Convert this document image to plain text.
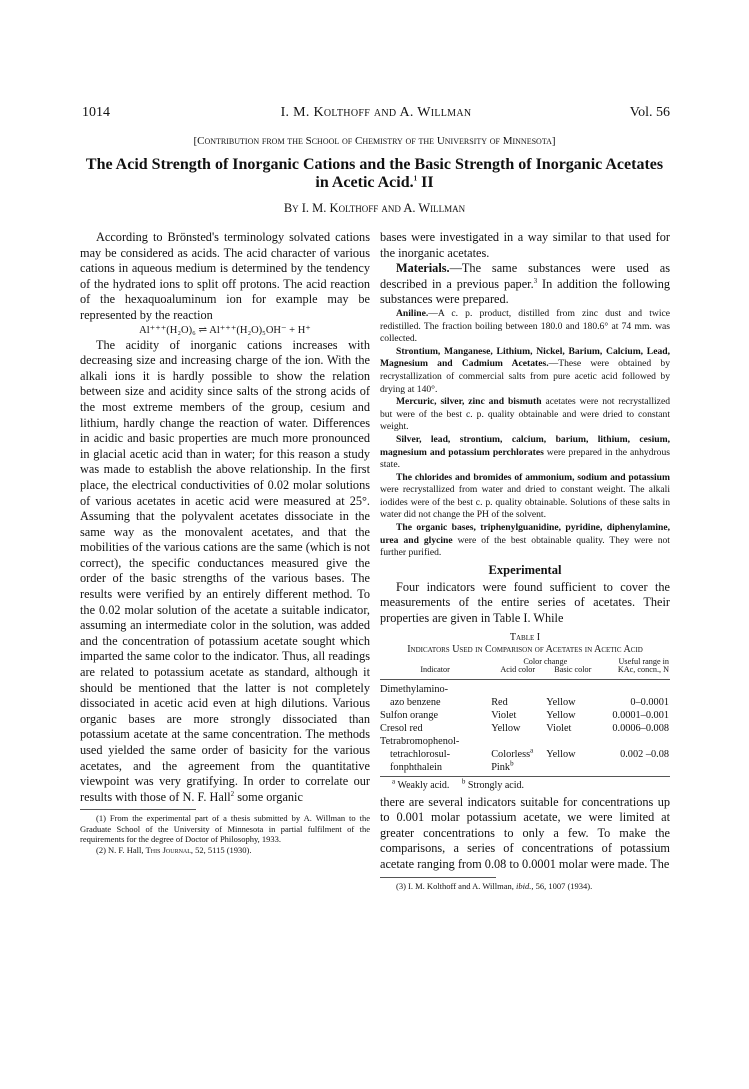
1014	I. M. Kolthoff and A. Willman	Vol. 56
[Contribution from the School of Chemistry of the University of Minnesota]
The Acid Strength of Inorganic Cations and the Basic Strength of Inorganic Acetates
in Acetic Acid.$^1$ II
By I. M. Kolthoff and A. Willman

According to Brönsted's terminology solvated cations may be considered as acids. The acid character of various cations in aqueous medium is determined by the tendency of the hydrated ions to split off protons. The acid reaction of the hexaquoaluminum ion for example may be represented by the reaction

Al⁺⁺⁺(H₂O)₆ ⇌ Al⁺⁺⁺(H₂O)₅OH⁻ + H⁺

The acidity of inorganic cations increases with decreasing size and increasing charge of the ion. With the alkali ions it is hardly possible to show the relation between size and acidity since salts of the strong acids of the most extreme members of the group, cesium and lithium, hardly change the reaction of water. Differences in acidic and basic properties are much more pronounced in glacial acetic acid than in water; for this reason a study was made to establish the above relationship. In the first place, the electrical conductivities of 0.02 molar solutions of various acetates in acetic acid were measured at 25°. Assuming that the polyvalent acetates dissociate in the same way as the monovalent acetates, and that the mobilities of the various cations are the same (which is not correct), the specific conductances measured give the order of the basic strengths of the various bases. The results were verified by an entirely different method. To the 0.02 molar solution of the acetate a suitable indicator, assuming an intermediate color in the solution, was added and the concentration of potassium acetate sought which imparted the same color to the indicator. Thus, all readings are related to potassium acetate as standard, although it should be mentioned that the latter is not completely dissociated in acetic acid even at high dilutions. Various organic bases are more strongly dissociated than potassium acetate at the same concentration. The methods used yielded the same order of basicity for the various acetates, and the agreement from the quantitative viewpoint was very gratifying. In order to correlate our results with those of N. F. Hall$^2$ some organic

(1) From the experimental part of a thesis submitted by A. Willman to the Graduate School of the University of Minnesota in partial fulfilment of the requirements for the degree of Doctor of Philosophy, 1933.

(2) N. F. Hall, This Journal, 52, 5115 (1930).

bases were investigated in a way similar to that used for the inorganic acetates.

Materials.—The same substances were used as described in a previous paper.$^3$ In addition the following substances were prepared.

Aniline.—A c. p. product, distilled from zinc dust and twice redistilled. The fraction boiling between 180.0 and 180.6° at 74 mm. was collected.

Strontium, Manganese, Lithium, Nickel, Barium, Calcium, Lead, Magnesium and Cadmium Acetates.—These were obtained by recrystallization of commercial salts from pure acetic acid followed by drying at 140°.

Mercuric, silver, zinc and bismuth acetates were not recrystallized but were of the best c. p. quality obtainable and were dried to constant weight.

Silver, lead, strontium, calcium, barium, lithium, cesium, magnesium and potassium perchlorates were prepared in the anhydrous state.

The chlorides and bromides of ammonium, sodium and potassium were recrystallized from water and dried to constant weight. The alkali iodides were of the best c. p. quality obtainable. Solutions of these salts in water did not change the PH of the solvent.

The organic bases, triphenylguanidine, pyridine, diphenylamine, urea and glycine were of the best obtainable quality. They were not further purified.

Experimental

Four indicators were found sufficient to cover the measurements of the entire series of acetates. Their properties are given in Table I. While

Table I

Indicators Used in Comparison of Acetates in Acetic Acid

	Color change		Useful range in KAc, concn., N
Indicator	Acid color	Basic color	

Dimethylamino-			
azo benzene	Red	Yellow	0–0.0001
Sulfon orange	Violet	Yellow	0.0001–0.001
Cresol red	Yellow	Violet	0.0006–0.008
Tetrabromophenol-			
tetrachlorosul-	Colorless$^a$	Yellow	0.002 –0.08
fonphthalein	Pink$^b$		
$^a$ Weakly acid. $^b$ Strongly acid.

there are several indicators suitable for concentrations up to 0.001 molar potassium acetate, we were limited at greater concentrations to only a few. To make the comparisons, a series of concentrations of potassium acetate ranging from 0.08 to 0.0001 molar were made. The

(3) I. M. Kolthoff and A. Willman, ibid., 56, 1007 (1934).
